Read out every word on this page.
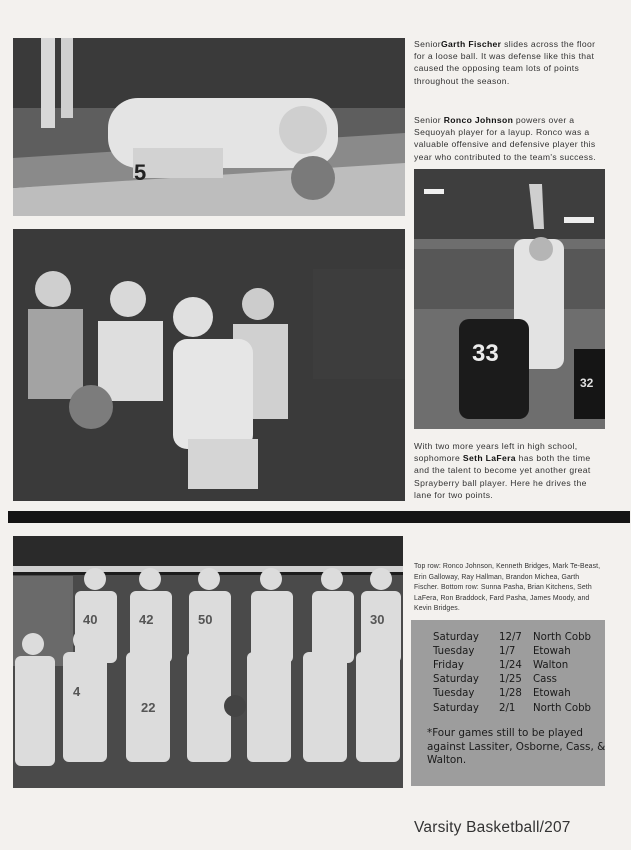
5
33
32
SeniorGarth Fischer slides across the floor for a loose ball. It was defense like this that caused the opposing team lots of points throughout the season.
Senior Ronco Johnson powers over a Sequoyah player for a layup. Ronco was a valuable offensive and defensive player this year who contributed to the team's success.
With two more years left in high school, sophomore Seth LaFera has both the time and the talent to become yet another great Sprayberry ball player. Here he drives the lane for two points.
40	42	50	30
4
22
Top row: Ronco Johnson, Kenneth Bridges, Mark Te-Beast, Erin Galloway, Ray Hallman, Brandon Michea, Garth Fischer. Bottom row: Sunna Pasha, Brian Kitchens, Seth LaFera, Ron Braddock, Fard Pasha, James Moody, and Kevin Bridges.
Saturday	12/7	North Cobb
Tuesday	1/7	Etowah
Friday	1/24	Walton
Saturday	1/25	Cass
Tuesday	1/28	Etowah
Saturday	2/1	North Cobb
*Four games still to be played against Lassiter, Osborne, Cass, & Walton.
Varsity Basketball/207
